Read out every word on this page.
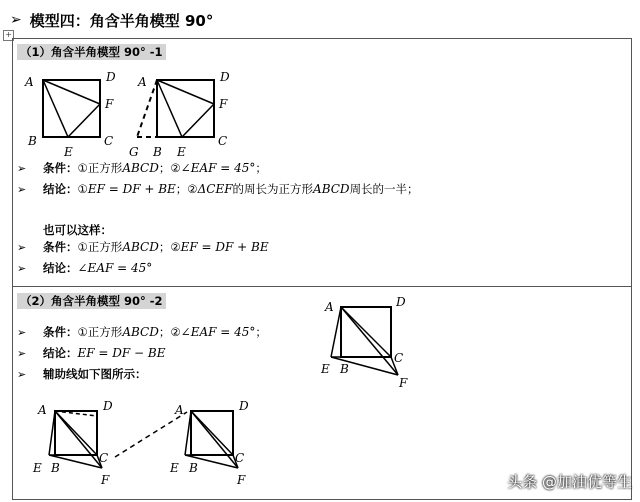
➢ 模型四：角含半角模型 90°
+
（1）角含半角模型 90° -1
A	D
F
B
E
C
A	D
F
G B E
C
➢	条件： ①正方形 ABCD ；② ∠EAF = 45° ；
➢	结论： ① EF = DF + BE ；② ΔCEF 的周长为正方形 ABCD 周长的一半；
也可以这样：
➢	条件： ①正方形 ABCD ；② EF = DF + BE
➢	结论： ∠EAF = 45°
（2）角含半角模型 90° -2
➢	条件： ①正方形 ABCD ；② ∠EAF = 45° ；
➢	结论： EF = DF − BE
➢	辅助线如下图所示：
A	D
C
E B
F
A	D
E B
C
F
A	D
E B
C
F	头条 @加油优等生
